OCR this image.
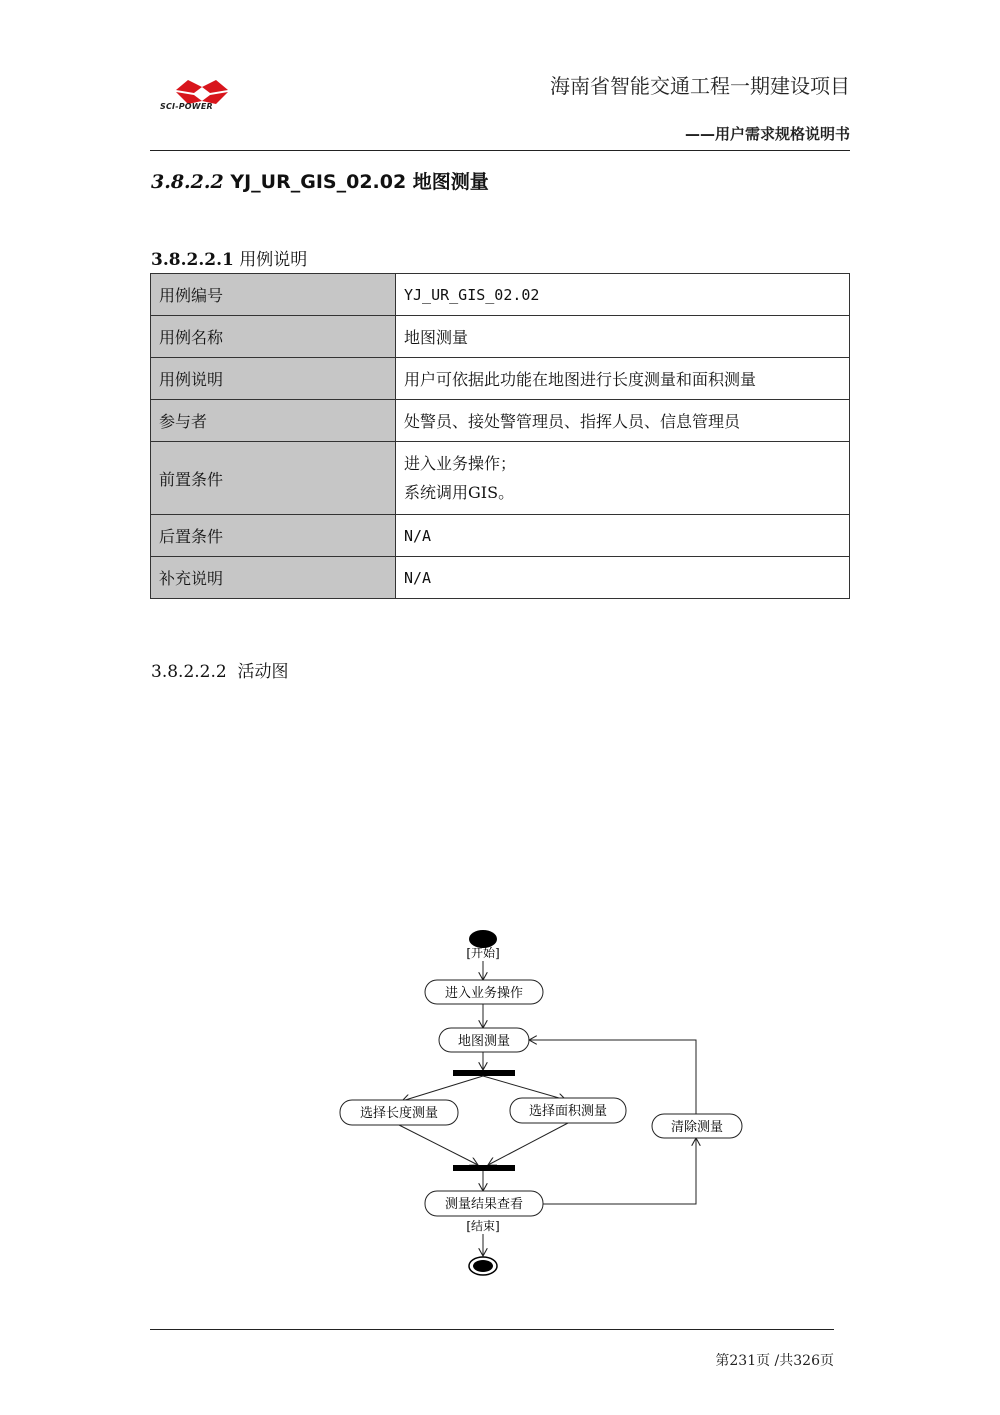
SCI-POWER
海南省智能交通工程一期建设项目
——用户需求规格说明书
3.8.2.2 YJ_UR_GIS_02.02 地图测量
3.8.2.2.1 用例说明
用例编号	YJ_UR_GIS_02.02
用例名称	地图测量
用例说明	用户可依据此功能在地图进行长度测量和面积测量
参与者	处警员、接处警管理员、指挥人员、信息管理员
前置条件	进入业务操作；
系统调用GIS。

后置条件	N/A
补充说明	N/A
3.8.2.2.2 活动图
[开始]
进入业务操作
地图测量
选择长度测量	选择面积测量
测量结果查看
清除测量
[结束]
第231页 /共326页
